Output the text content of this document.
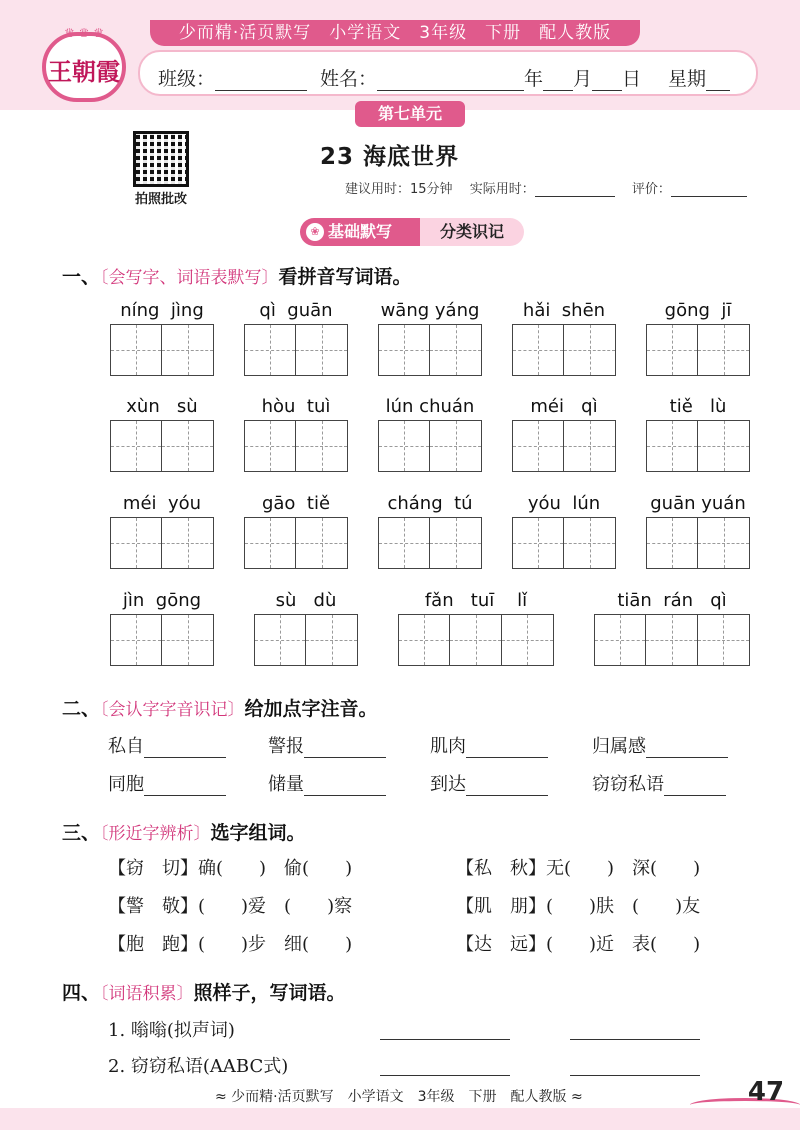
少而精·活页默写　小学语文　3年级　下册　配人教版
♛ ♛ ♛
王朝霞 班级：	姓名：	年 月 日 星期
第七单元
拍照批改
23 海底世界
建议用时：15分钟　 实际用时：　	评价：
❀ 基础默写	分类识记
一、〔会写字、词语表默写〕看拼音写词语。
níng  jìng	qì  guān	wāng yáng	hǎi  shēn	gōng  jī
xùn   sù	hòu  tuì	lún chuán	méi   qì	tiě   lù
méi  yóu	gāo  tiě	cháng  tú	yóu  lún	guān yuán
jìn  gōng	sù   dù	fǎn   tuī    lǐ	tiān  rán   qì
二、〔会认字字音识记〕给加点字注音。
私自	警报	肌肉	归属感
同胞	储量	到达	窃窃私语
三、〔形近字辨析〕选字组词。
【窃　切】确(　　)　偷(　　)	【私　秋】无(　　)　深(　　)
【警　敬】(　　)爱　(　　)察	【肌　朋】(　　)肤　(　　)友
【胞　跑】(　　)步　细(　　)	【达　远】(　　)近　表(　　)
四、〔词语积累〕照样子，写词语。
1. 嗡嗡(拟声词)
2. 窃窃私语(AABC式)
≈ 少而精·活页默写　小学语文　3年级　下册　配人教版 ≈	47
